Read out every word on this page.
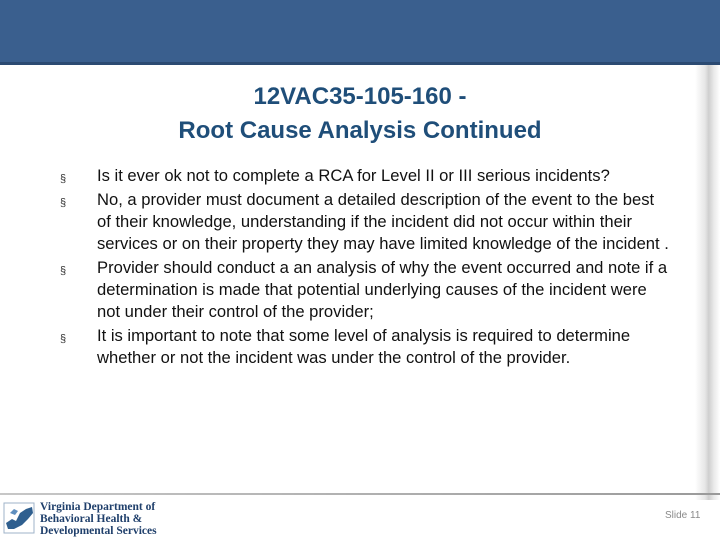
12VAC35-105-160 -
Root Cause Analysis Continued
§ Is it ever ok not to complete a RCA for Level II or III serious incidents?
§ No, a provider must document a detailed description of the event to the best of their knowledge, understanding if the incident did not occur within their services or on their property they may have limited knowledge of the incident .
§ Provider should conduct a an analysis of why the event occurred and note if a determination is made that potential underlying causes of the incident were not under their control of the provider;
§ It is important to note that some level of analysis is required to determine whether or not the incident was under the control of the provider.
Virginia Department of
Behavioral Health &
Developmental Services
Slide 11
